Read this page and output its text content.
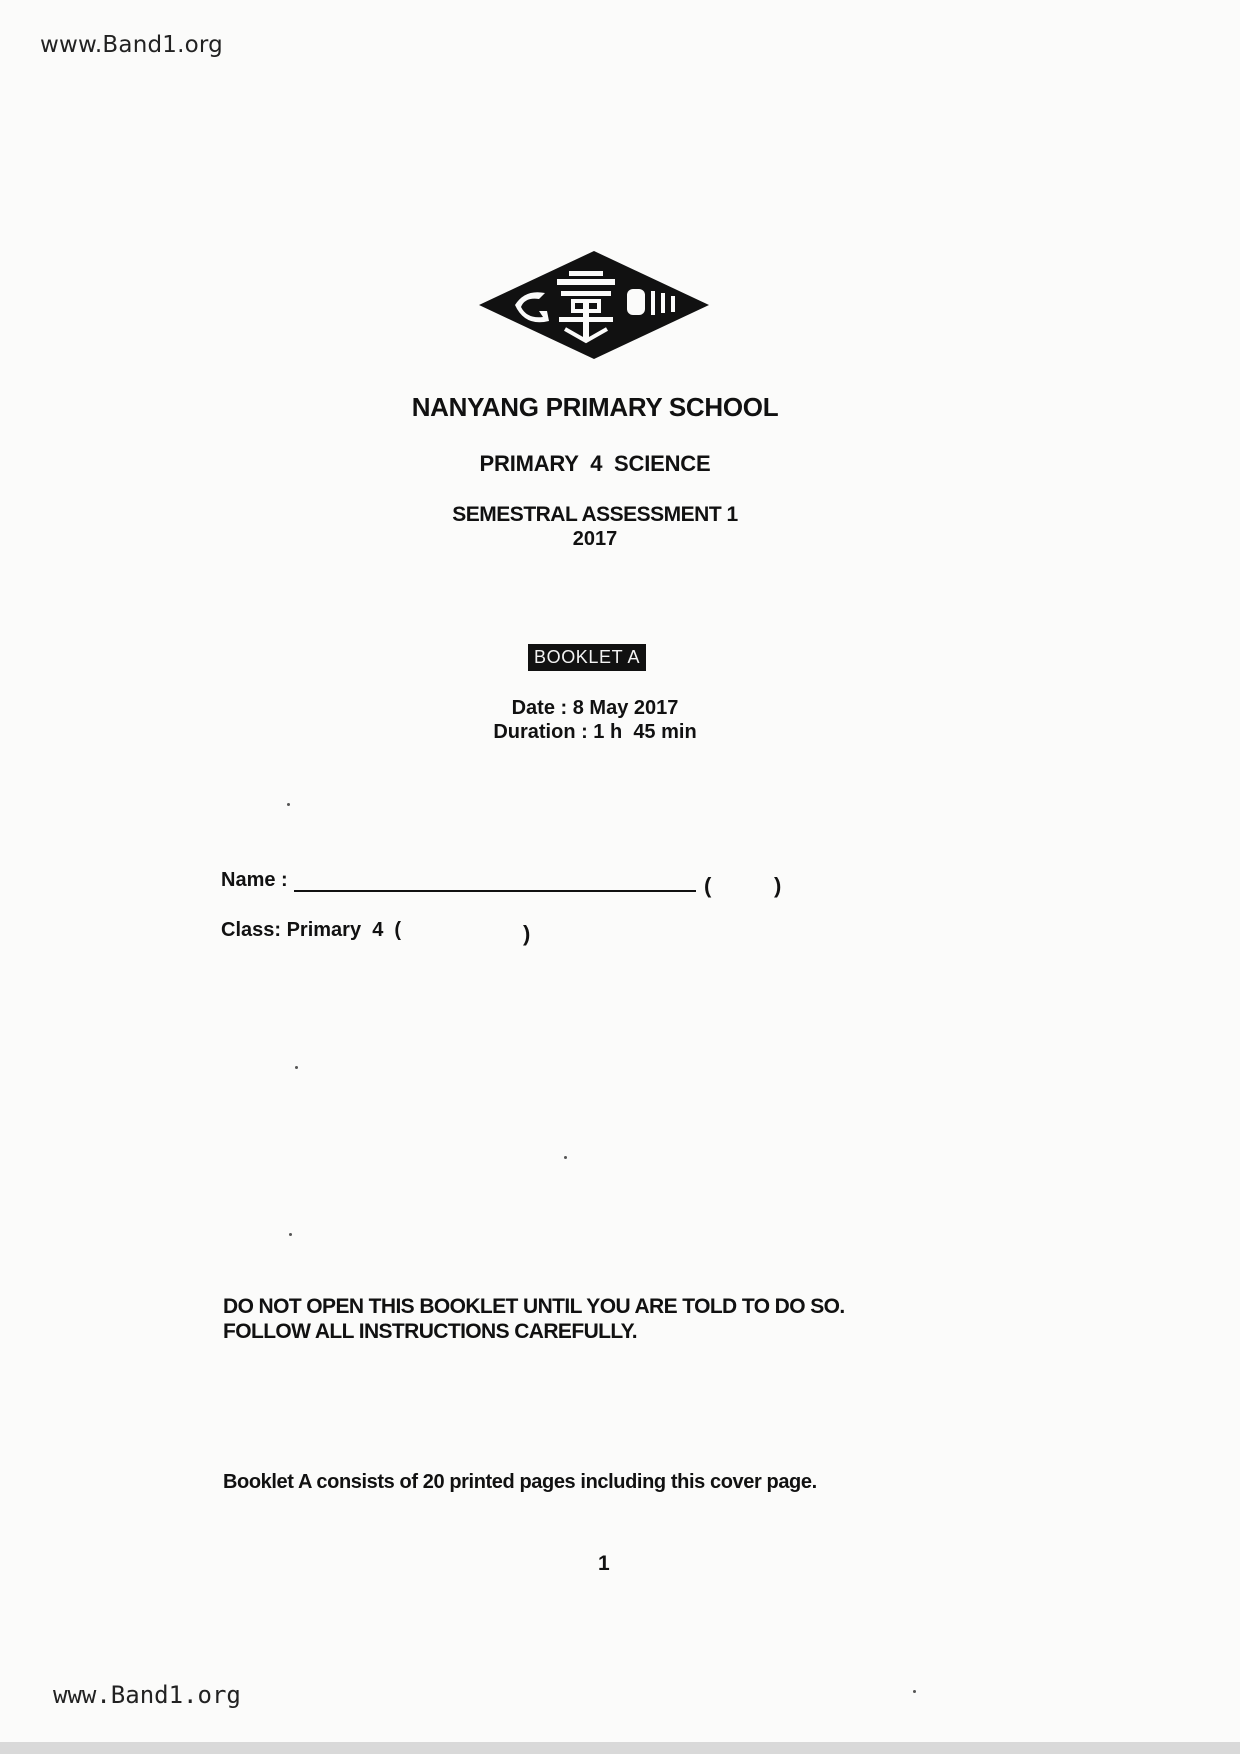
www.Band1.org
NANYANG PRIMARY SCHOOL
PRIMARY  4  SCIENCE
SEMESTRAL ASSESSMENT 1
2017
BOOKLET A
Date : 8 May 2017
Duration : 1 h  45 min
Name :	(	)
Class: Primary  4  (	)
DO NOT OPEN THIS BOOKLET UNTIL YOU ARE TOLD TO DO SO.
FOLLOW ALL INSTRUCTIONS CAREFULLY.
Booklet A consists of 20 printed pages including this cover page.
1
www.Band1.org
